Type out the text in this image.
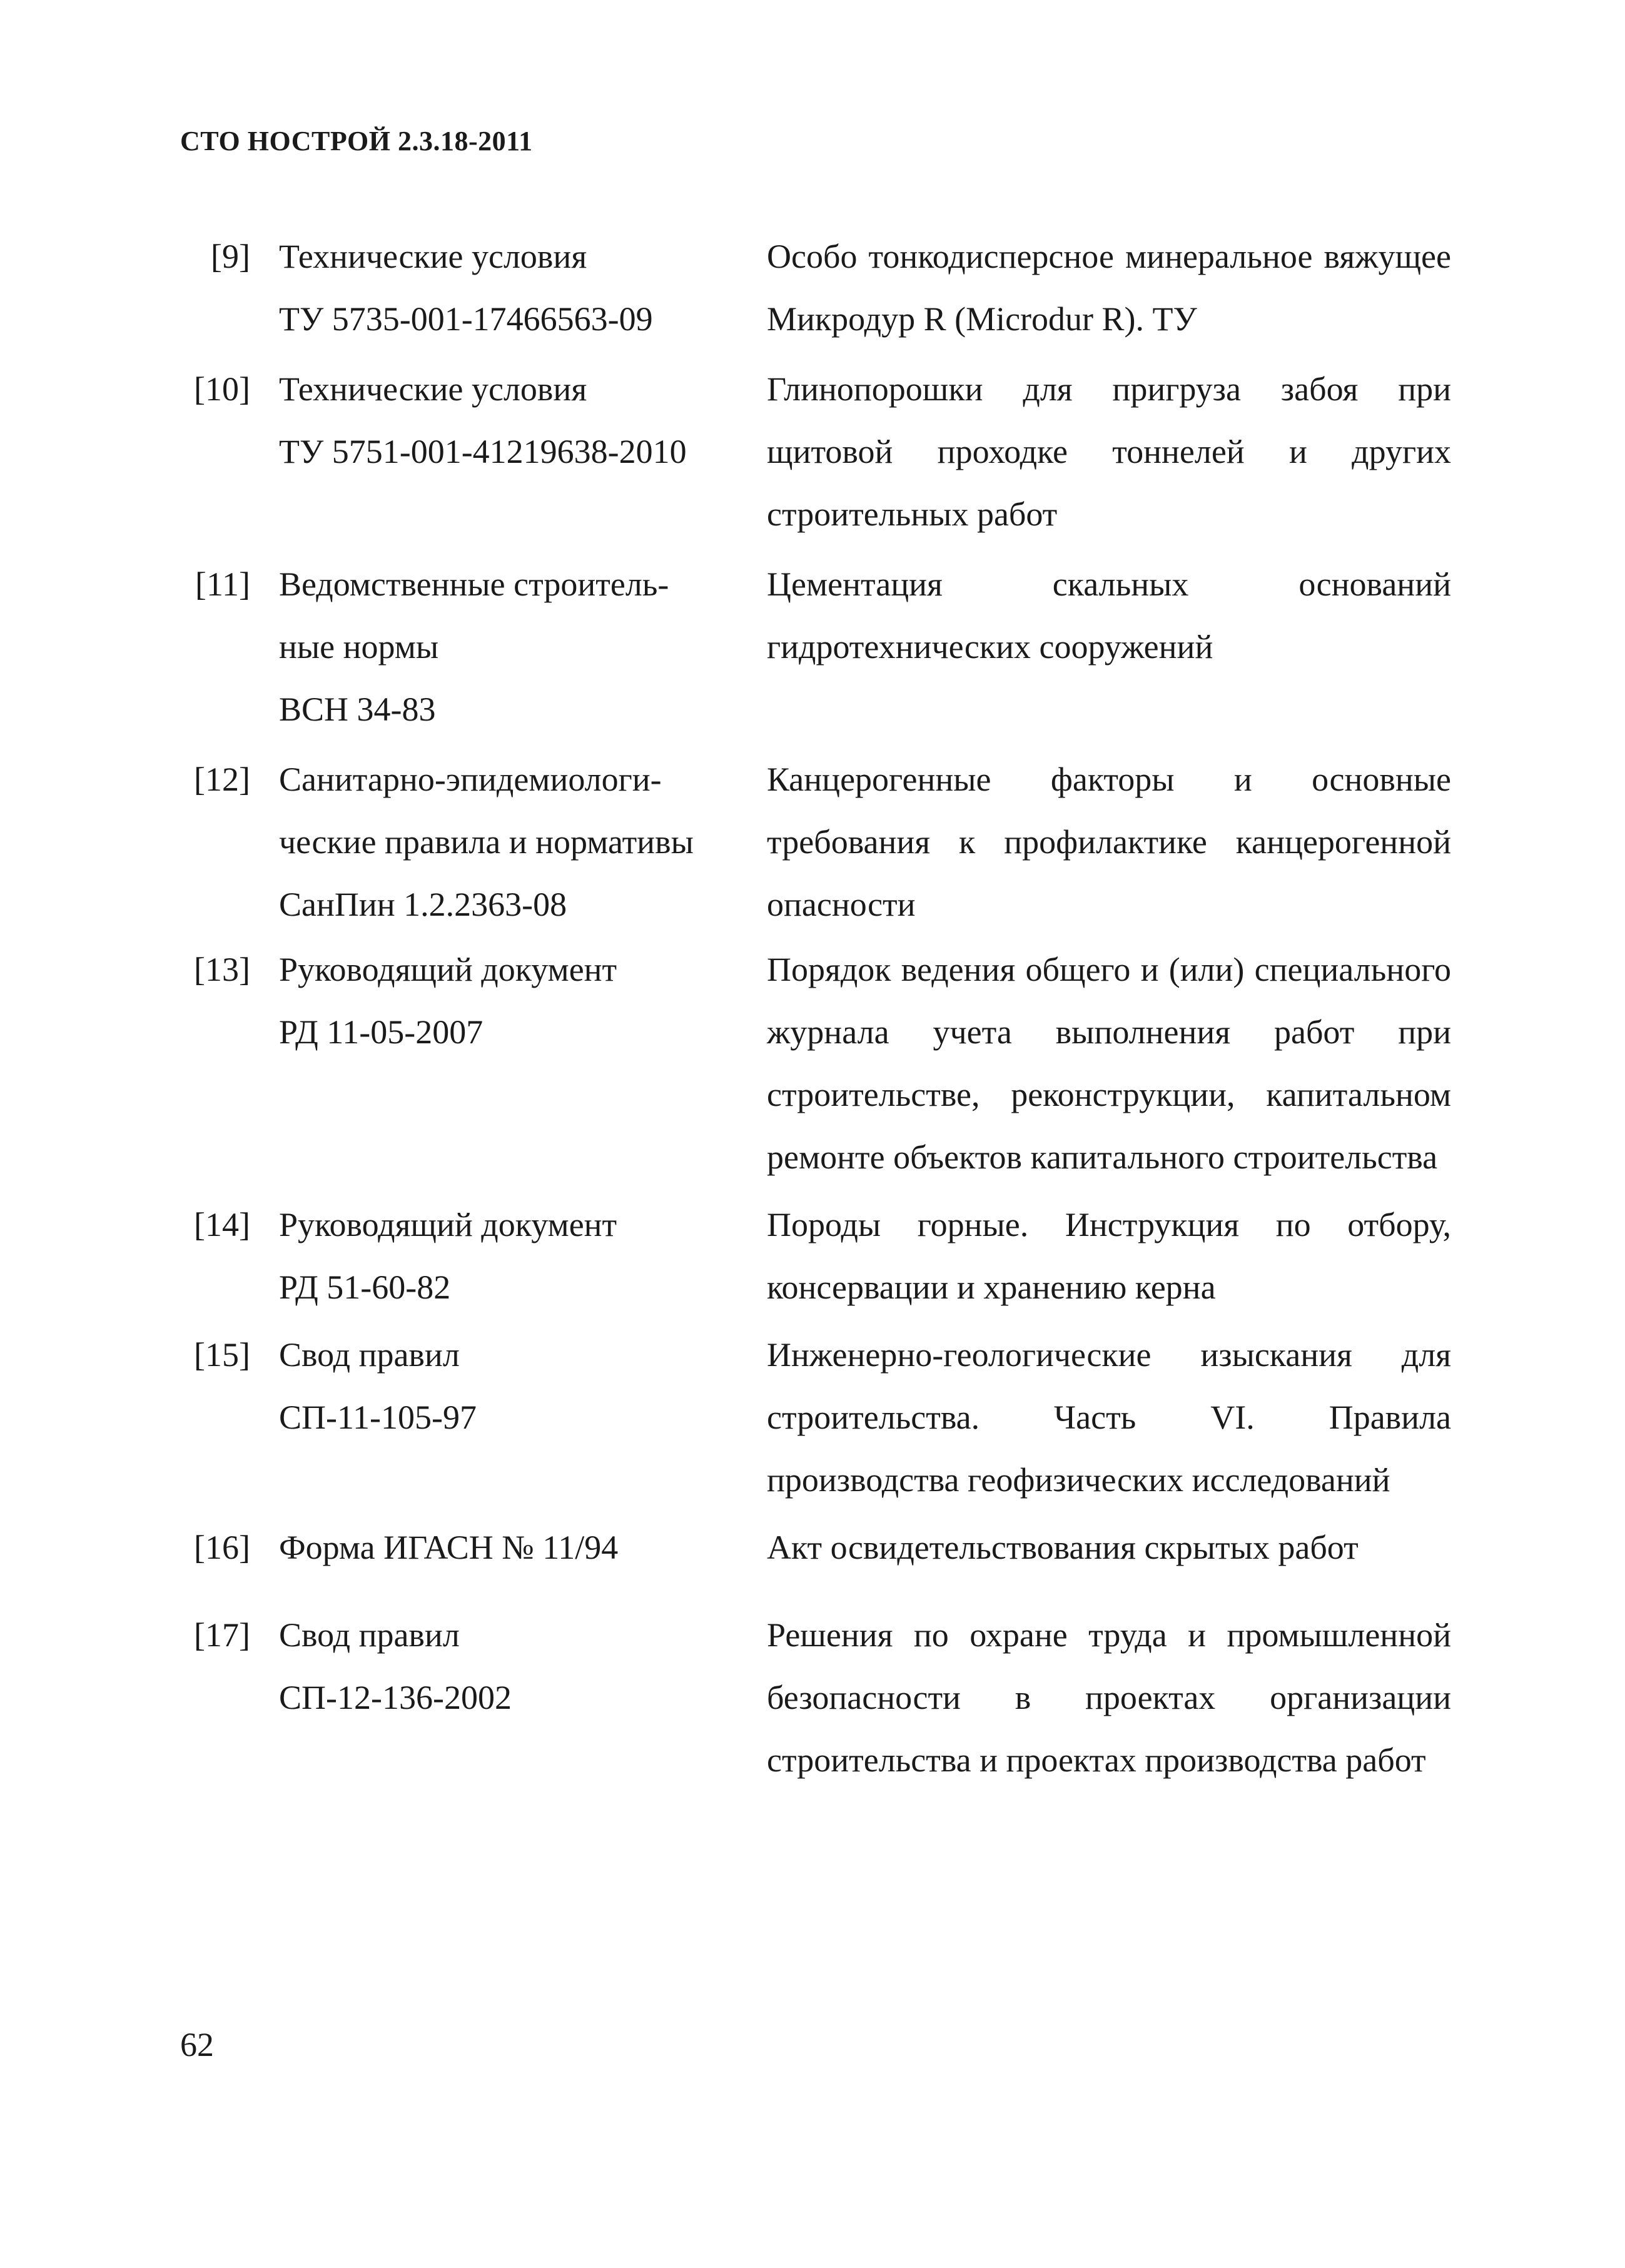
СТО НОСТРОЙ 2.3.18-2011
[9] Технические условия
ТУ 5735-001-17466563-09
Особо тонкодисперсное минеральное вяжущее Микродур R (Microdur R). ТУ
[10] Технические условия
ТУ 5751-001-41219638-2010
Глинопорошки для пригруза забоя при щитовой проходке тоннелей и других строительных работ
[11] Ведомственные строитель-
ные нормы
ВСН 34-83
Цементация скальных оснований гидротехнических сооружений
[12] Санитарно-эпидемиологи-
ческие правила и нормативы
СанПин 1.2.2363-08
Канцерогенные факторы и основные требования к профилактике канцерогенной опасности
[13] Руководящий документ
РД 11-05-2007
Порядок ведения общего и (или) специального журнала учета выполнения работ при строительстве, реконструкции, капитальном ремонте объектов капитального строительства
[14] Руководящий документ
РД 51-60-82
Породы горные. Инструкция по отбору, консервации и хранению керна
[15] Свод правил
СП-11-105-97
Инженерно-геологические изыскания для строительства. Часть VI. Правила производства геофизических исследований
[16] Форма ИГАСН № 11/94	Акт освидетельствования скрытых работ
[17] Свод правил
СП-12-136-2002
Решения по охране труда и промышленной безопасности в проектах организации строительства и проектах производства работ
62
